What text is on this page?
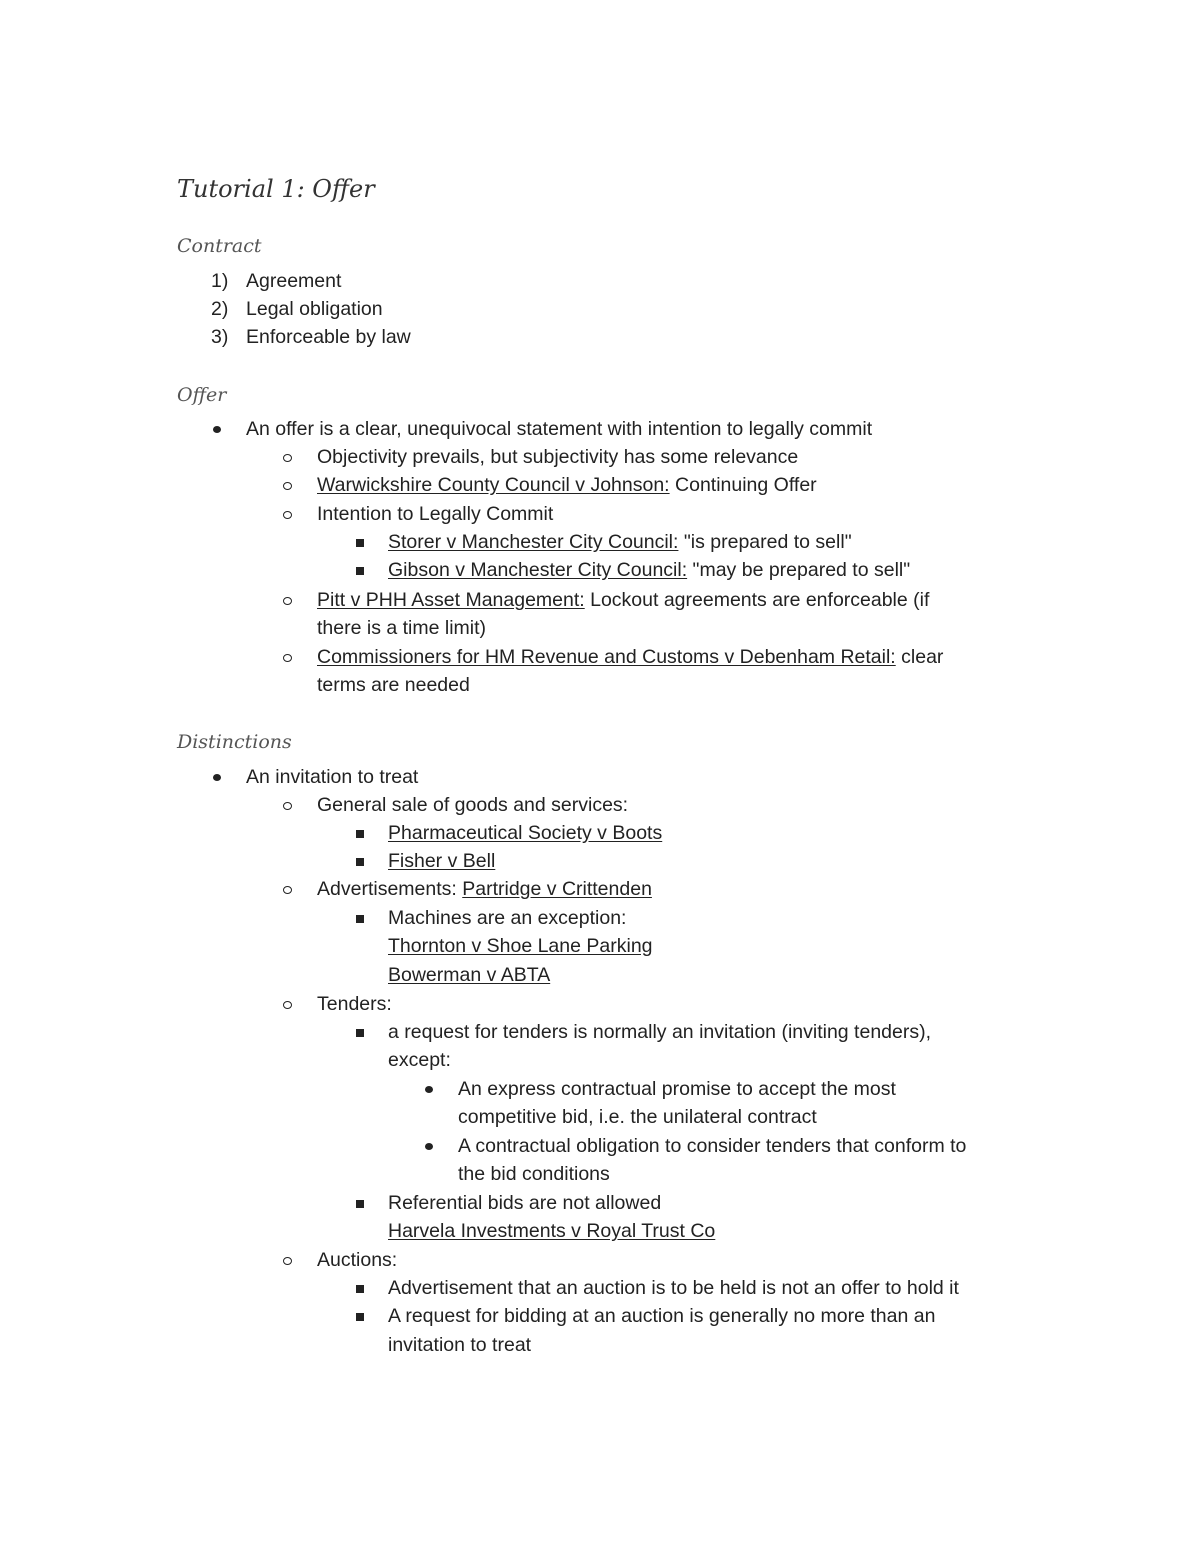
Tutorial 1: Offer
Contract
1) Agreement
2) Legal obligation
3) Enforceable by law
Offer
An offer is a clear, unequivocal statement with intention to legally commit
Objectivity prevails, but subjectivity has some relevance
Warwickshire County Council v Johnson: Continuing Offer
Intention to Legally Commit
Storer v Manchester City Council: "is prepared to sell"
Gibson v Manchester City Council: "may be prepared to sell"
Pitt v PHH Asset Management: Lockout agreements are enforceable (if
there is a time limit)
Commissioners for HM Revenue and Customs v Debenham Retail: clear
terms are needed
Distinctions
An invitation to treat
General sale of goods and services:
Pharmaceutical Society v Boots
Fisher v Bell
Advertisements: Partridge v Crittenden
Machines are an exception:
Thornton v Shoe Lane Parking
Bowerman v ABTA
Tenders:
a request for tenders is normally an invitation (inviting tenders),
except:
An express contractual promise to accept the most
competitive bid, i.e. the unilateral contract
A contractual obligation to consider tenders that conform to
the bid conditions
Referential bids are not allowed
Harvela Investments v Royal Trust Co
Auctions:
Advertisement that an auction is to be held is not an offer to hold it
A request for bidding at an auction is generally no more than an
invitation to treat
